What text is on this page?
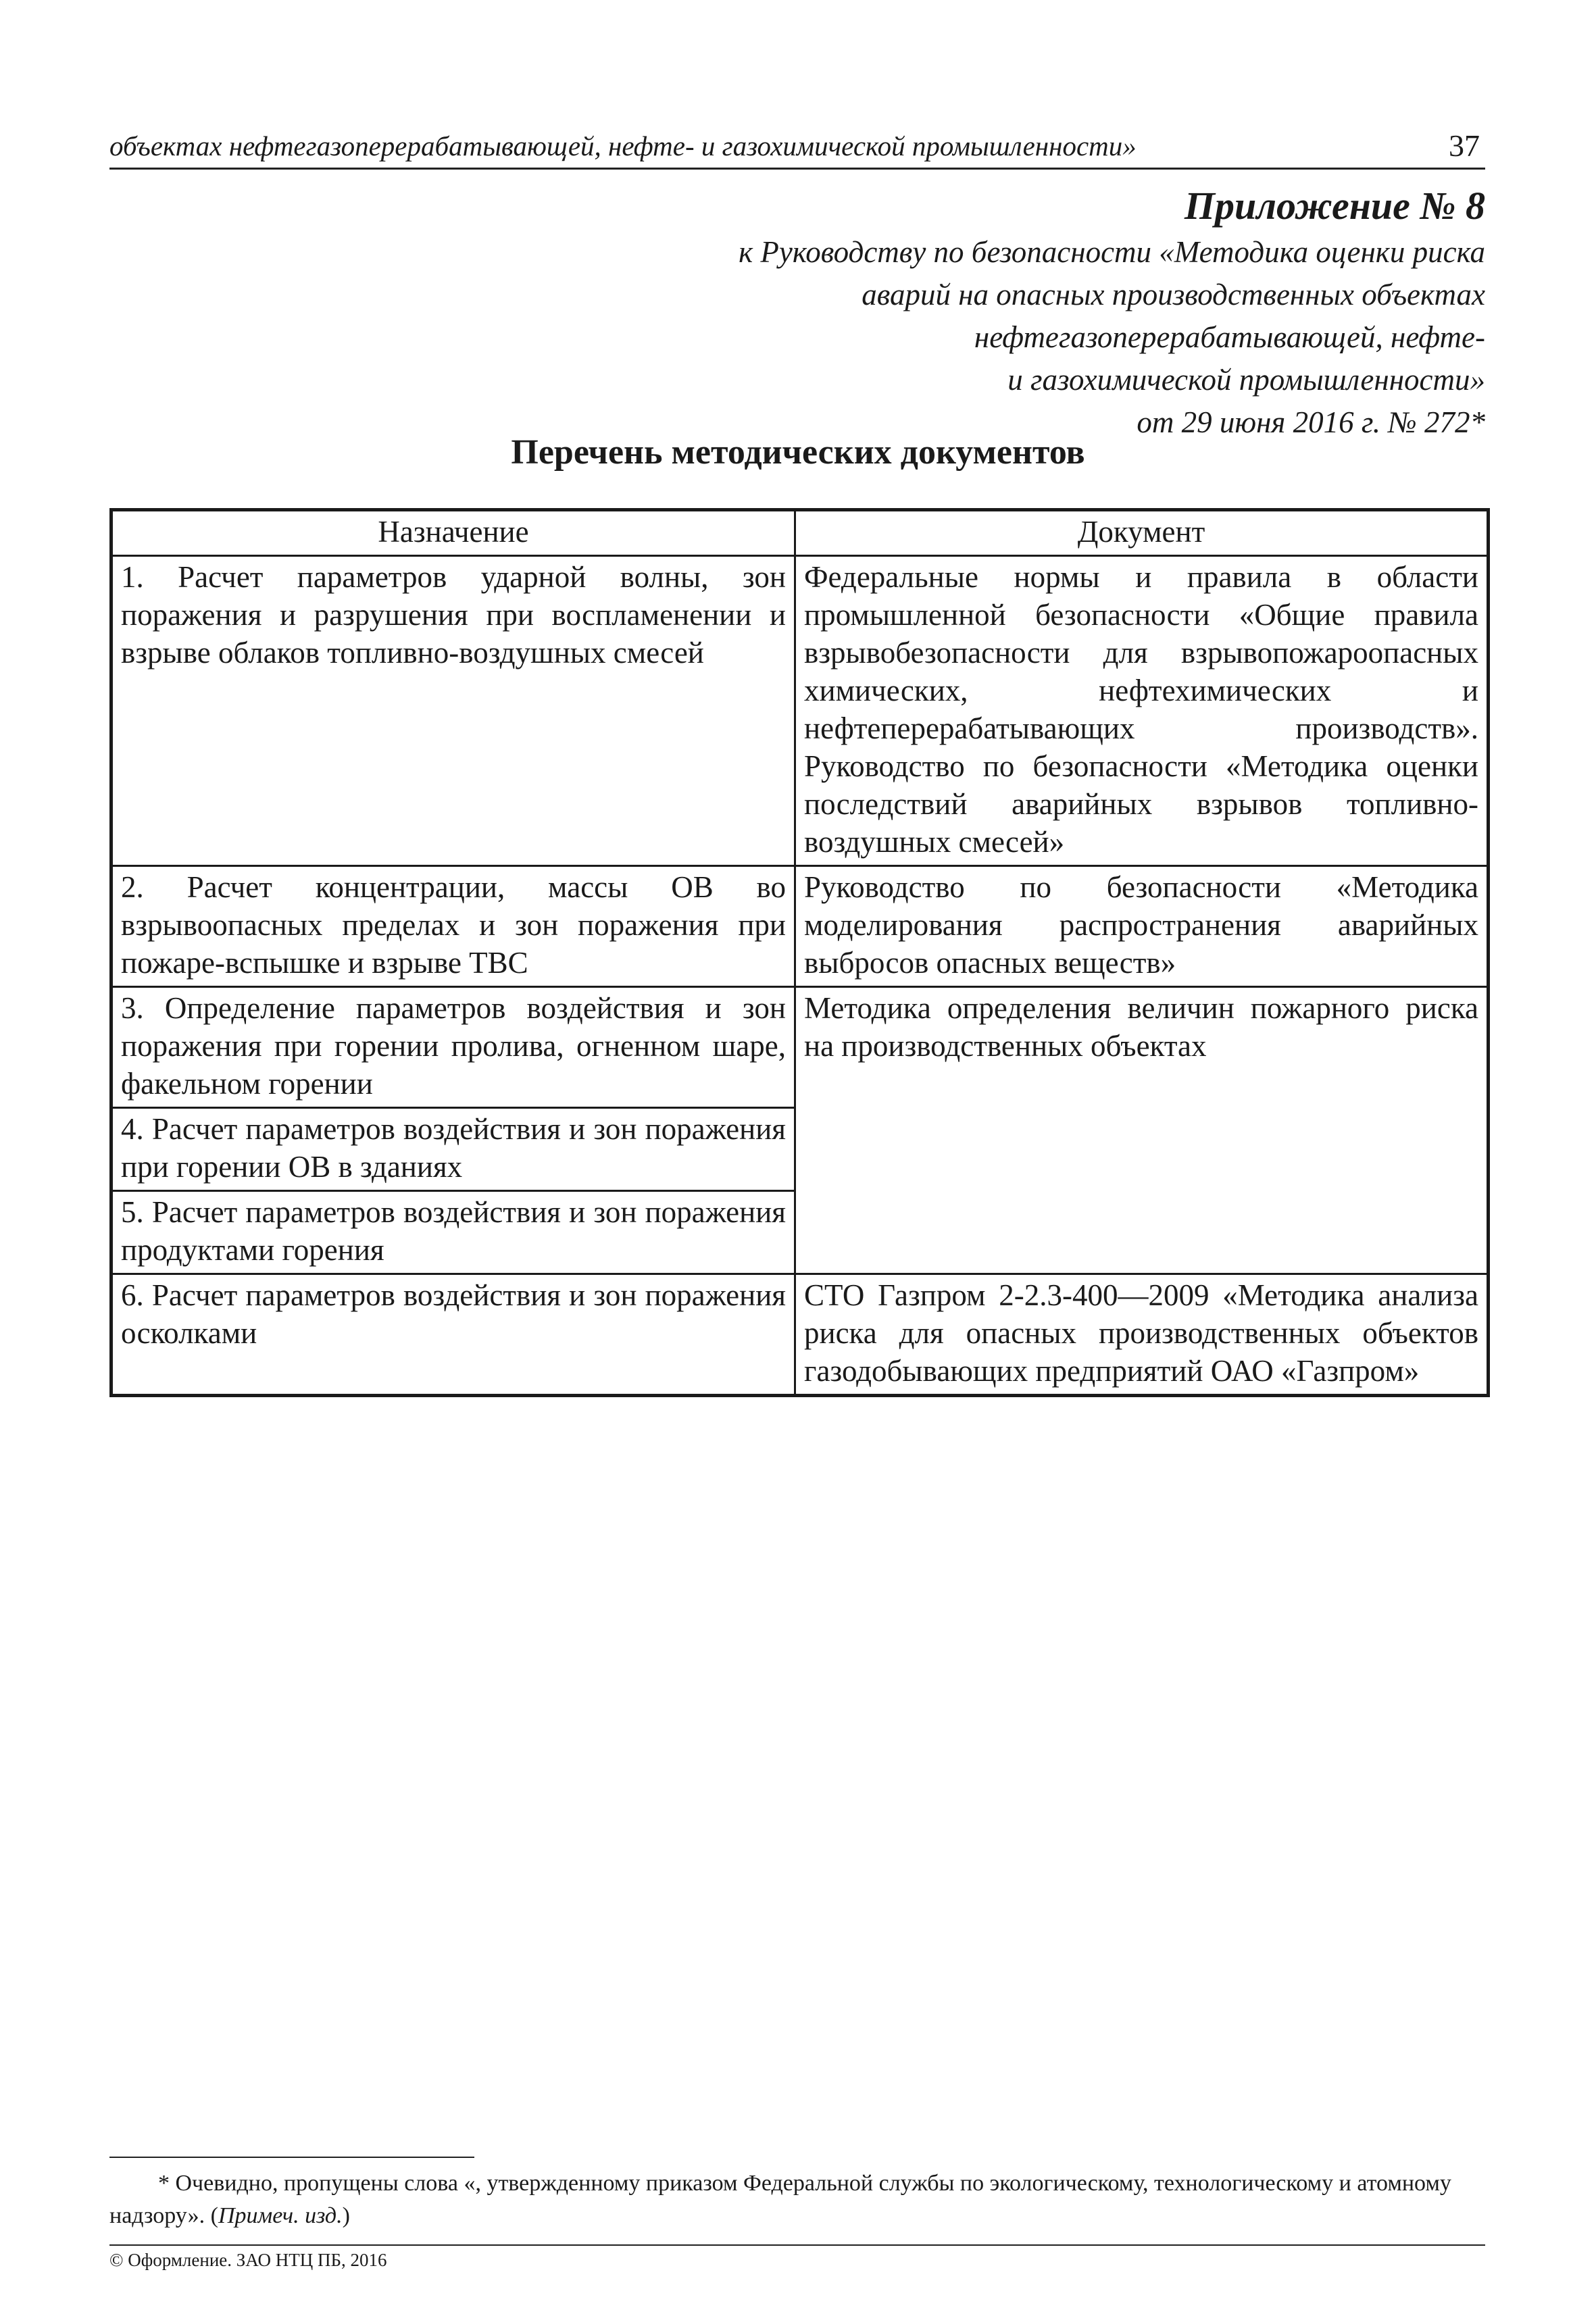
объектах нефтегазоперерабатывающей, нефте- и газохимической промышленности»	37
Приложение № 8
к Руководству по безопасности «Методика оценки риска
аварий на опасных производственных объектах
нефтегазоперерабатывающей, нефте-
и газохимической промышленности»
от 29 июня 2016 г. № 272*
Перечень методических документов
Назначение	Документ
1. Расчет параметров ударной волны, зон поражения и разрушения при воспламенении и взрыве облаков топливно-воздушных смесей	Федеральные нормы и правила в области промышленной безопасности «Общие правила взрывобезопасности для взрывопожароопасных химических, нефтехимических и нефтеперерабатывающих производств». Руководство по безопасности «Методика оценки последствий аварийных взрывов топливно-воздушных смесей»
2. Расчет концентрации, массы ОВ во взрывоопасных пределах и зон поражения при пожаре-вспышке и взрыве ТВС	Руководство по безопасности «Методика моделирования распространения аварийных выбросов опасных веществ»
3. Определение параметров воздействия и зон поражения при горении пролива, огненном шаре, факельном горении	Методика определения величин пожарного риска на производственных объектах
4. Расчет параметров воздействия и зон поражения при горении ОВ в зданиях	
5. Расчет параметров воздействия и зон поражения продуктами горения	
6. Расчет параметров воздействия и зон поражения осколками	СТО Газпром 2-2.3-400—2009 «Методика анализа риска для опасных производственных объектов газодобывающих предприятий ОАО «Газпром»
* Очевидно, пропущены слова «, утвержденному приказом Федеральной службы по экологическому, технологическому и атомному надзору». (Примеч. изд.)
© Оформление. ЗАО НТЦ ПБ, 2016
